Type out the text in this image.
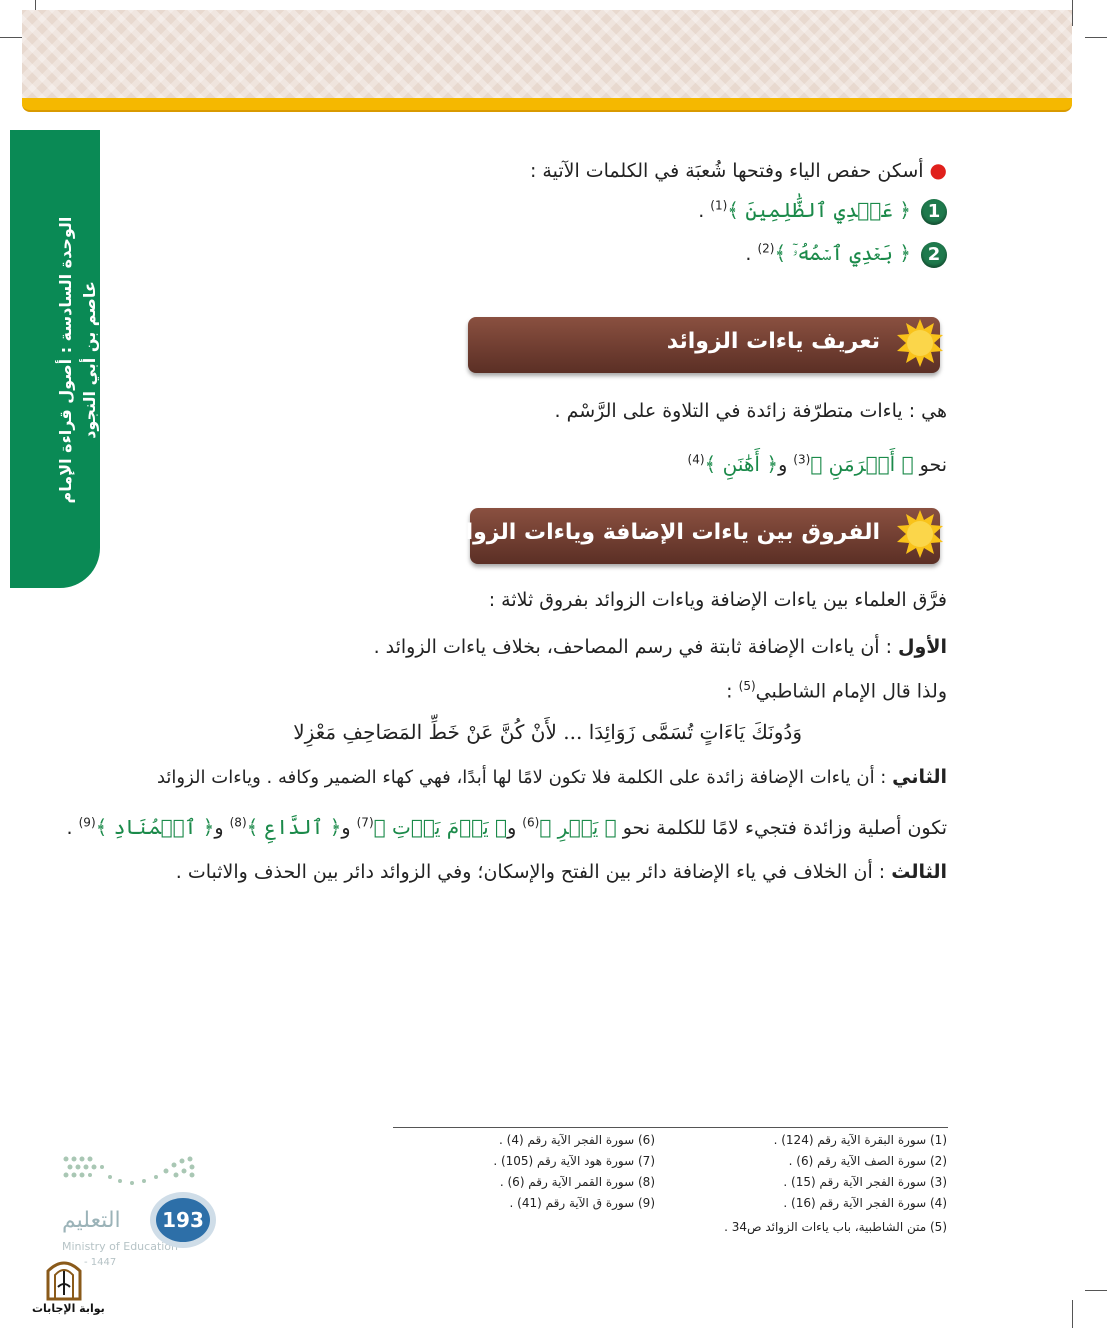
الوحدة السادسة : أصول قراءة الإمام عاصم بن أبي النجود
●أسكن حفص الياء وفتحها شُعبَة في الكلمات الآتية :
1﴿ عَهۡدِي ٱلظَّٰلِمِينَ ﴾$^{(1)}$ .
2﴿ بَعۡدِي ٱسۡمُهُۥٓ ﴾$^{(2)}$ .
تعريف ياءات الزوائد
هي : ياءات متطرّفة زائدة في التلاوة على الرَّسْم .
نحو ﴿ أَكۡرَمَنِ ﴾$^{(3)}$ و﴿ أَهَٰنَنِ ﴾$^{(4)}$
الفروق بين ياءات الإضافة وياءات الزوائد
فرَّق العلماء بين ياءات الإضافة وياءات الزوائد بفروق ثلاثة :
الأول : أن ياءات الإضافة ثابتة في رسم المصاحف، بخلاف ياءات الزوائد .
ولذا قال الإمام الشاطبي$^{(5)}$ :
وَدُونَكَ يَاءَاتٍ تُسَمَّى زَوَائِدَا ... لأَنْ كُنَّ عَنْ خَطِّ المَصَاحِفِ مَعْزِلا
الثاني : أن ياءات الإضافة زائدة على الكلمة فلا تكون لامًا لها أبدًا، فهي كهاء الضمير وكافه . وياءات الزوائد
تكون أصلية وزائدة فتجيء لامًا للكلمة نحو ﴿ يَسۡرِ ﴾$^{(6)}$ و﴿ يَوۡمَ يَأۡتِ ﴾$^{(7)}$ و﴿ ٱلدَّاعِ ﴾$^{(8)}$ و﴿ ٱلۡمُنَادِ ﴾$^{(9)}$ .
الثالث : أن الخلاف في ياء الإضافة دائر بين الفتح والإسكان؛ وفي الزوائد دائر بين الحذف والاثبات .
(1) سورة البقرة الآية رقم (124) .
(2) سورة الصف الآية رقم (6) .
(3) سورة الفجر الآية رقم (15) .
(4) سورة الفجر الآية رقم (16) .
(5) متن الشاطبية، باب ياءات الزوائد ص34 .
(6) سورة الفجر الآية رقم (4) .
(7) سورة هود الآية رقم (105) .
(8) سورة القمر الآية رقم (6) .
(9) سورة ق الآية رقم (41) .
التعليم
Ministry of Education
- 1447
193
بوابة الإجابات
